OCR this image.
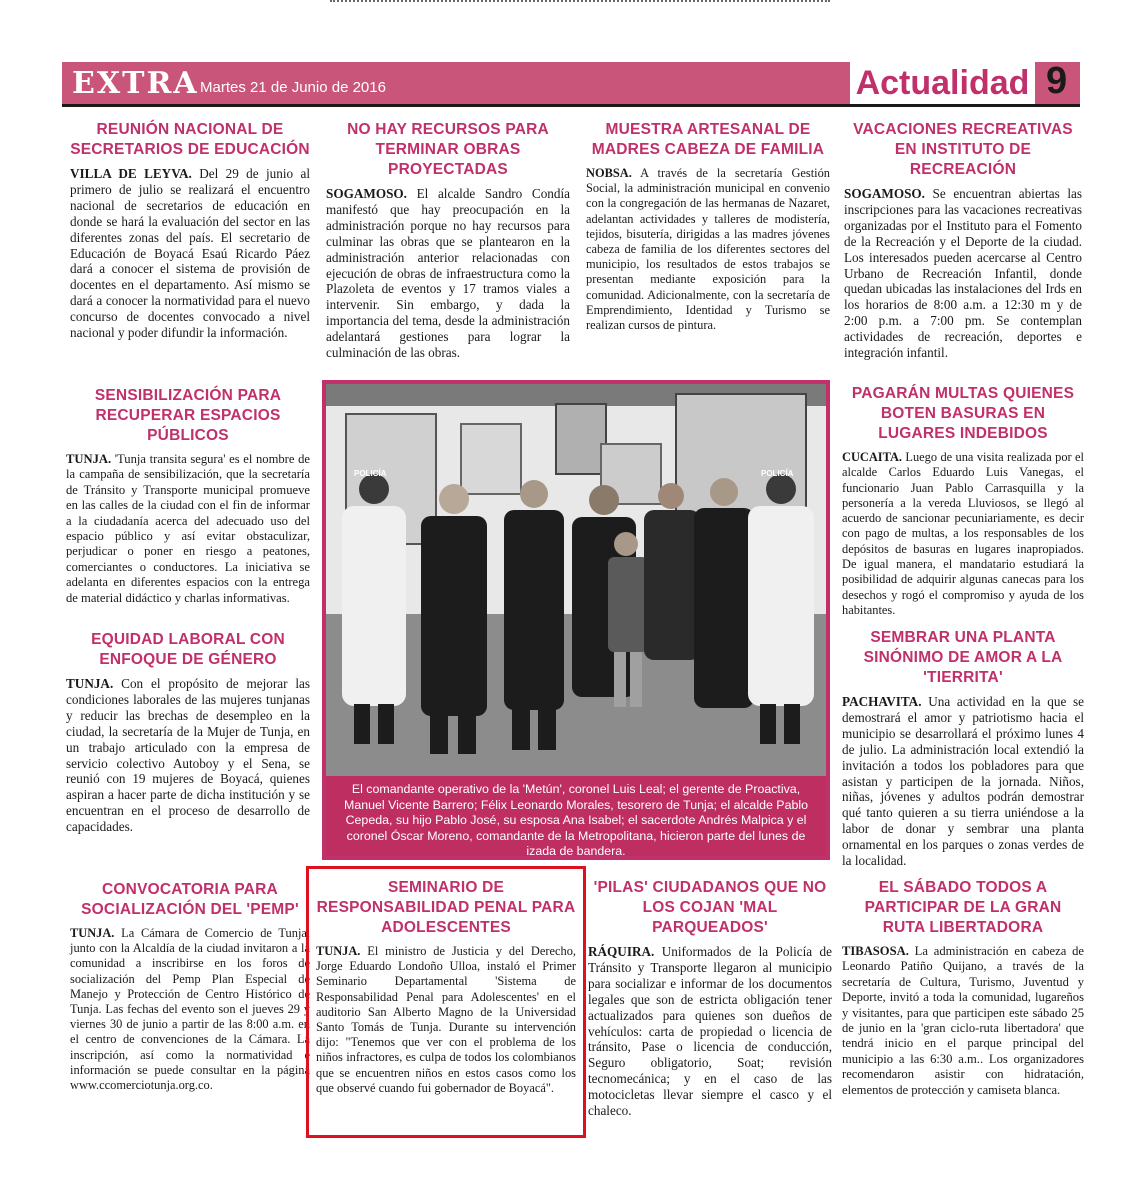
EXTRA Martes 21 de Junio de 2016	Actualidad 9
REUNIÓN NACIONAL DE SECRETARIOS DE EDUCACIÓN
VILLA DE LEYVA. Del 29 de junio al primero de julio se realizará el encuentro nacional de secretarios de educación en donde se hará la evaluación del sector en las diferentes zonas del país. El secretario de Educación de Boyacá Esaú Ricardo Páez dará a conocer el sistema de provisión de docentes en el departamento. Así mismo se dará a conocer la normatividad para el nuevo concurso de docentes convocado a nivel nacional y poder difundir la información.
NO HAY RECURSOS PARA TERMINAR OBRAS PROYECTADAS
SOGAMOSO. El alcalde Sandro Condía manifestó que hay preocupación en la administración porque no hay recursos para culminar las obras que se plantearon en la administración anterior relacionadas con ejecución de obras de infraestructura como la Plazoleta de eventos y 17 tramos viales a intervenir. Sin embargo, y dada la importancia del tema, desde la administración adelantará gestiones para lograr la culminación de las obras.
MUESTRA ARTESANAL DE MADRES CABEZA DE FAMILIA
NOBSA. A través de la secretaría Gestión Social, la administración municipal en convenio con la congregación de las hermanas de Nazaret, adelantan actividades y talleres de modistería, tejidos, bisutería, dirigidas a las madres jóvenes cabeza de familia de los diferentes sectores del municipio, los resultados de estos trabajos se presentan mediante exposición para la comunidad. Adicionalmente, con la secretaría de Emprendimiento, Identidad y Turismo se realizan cursos de pintura.
VACACIONES RECREATIVAS EN INSTITUTO DE RECREACIÓN
SOGAMOSO. Se encuentran abiertas las inscripciones para las vacaciones recreativas organizadas por el Instituto para el Fomento de la Recreación y el Deporte de la ciudad. Los interesados pueden acercarse al Centro Urbano de Recreación Infantil, donde quedan ubicadas las instalaciones del Irds en los horarios de 8:00 a.m. a 12:30 m y de 2:00 p.m. a 7:00 pm. Se contemplan actividades de recreación, deportes e integración infantil.
SENSIBILIZACIÓN PARA RECUPERAR ESPACIOS PÚBLICOS
TUNJA. 'Tunja transita segura' es el nombre de la campaña de sensibilización, que la secretaría de Tránsito y Transporte municipal promueve en las calles de la ciudad con el fin de informar a la ciudadanía acerca del adecuado uso del espacio público y así evitar obstaculizar, perjudicar o poner en riesgo a peatones, comerciantes o conductores. La iniciativa se adelanta en diferentes espacios con la entrega de material didáctico y charlas informativas.
PAGARÁN MULTAS QUIENES BOTEN BASURAS EN LUGARES INDEBIDOS
CUCAITA. Luego de una visita realizada por el alcalde Carlos Eduardo Luis Vanegas, el funcionario Juan Pablo Carrasquilla y la personería a la vereda Lluviosos, se llegó al acuerdo de sancionar pecuniariamente, es decir con pago de multas, a los responsables de los depósitos de basuras en lugares inapropiados. De igual manera, el mandatario estudiará la posibilidad de adquirir algunas canecas para los desechos y rogó el compromiso y ayuda de los habitantes.
EQUIDAD LABORAL CON ENFOQUE DE GÉNERO
TUNJA. Con el propósito de mejorar las condiciones laborales de las mujeres tunjanas y reducir las brechas de desempleo en la ciudad, la secretaría de la Mujer de Tunja, en un trabajo articulado con la empresa de servicio colectivo Autoboy y el Sena, se reunió con 19 mujeres de Boyacá, quienes aspiran a hacer parte de dicha institución y se encuentran en el proceso de desarrollo de capacidades.
SEMBRAR UNA PLANTA SINÓNIMO DE AMOR A LA 'TIERRITA'
PACHAVITA. Una actividad en la que se demostrará el amor y patriotismo hacia el municipio se desarrollará el próximo lunes 4 de julio. La administración local extendió la invitación a todos los pobladores para que asistan y participen de la jornada. Niños, niñas, jóvenes y adultos podrán demostrar qué tanto quieren a su tierra uniéndose a la labor de donar y sembrar una planta ornamental en los parques o zonas verdes de la localidad.
POLICÍA	POLICÍA
El comandante operativo de la 'Metún', coronel Luis Leal; el gerente de Proactiva, Manuel Vicente Barrero; Félix Leonardo Morales, tesorero de Tunja; el alcalde Pablo Cepeda, su hijo Pablo José, su esposa Ana Isabel; el sacerdote Andrés Malpica y el coronel Óscar Moreno, comandante de la Metropolitana, hicieron parte del lunes de izada de bandera.
CONVOCATORIA PARA SOCIALIZACIÓN DEL 'PEMP'
TUNJA. La Cámara de Comercio de Tunja, junto con la Alcaldía de la ciudad invitaron a la comunidad a inscribirse en los foros de socialización del Pemp Plan Especial de Manejo y Protección de Centro Histórico de Tunja. Las fechas del evento son el jueves 29 y viernes 30 de junio a partir de las 8:00 a.m. en el centro de convenciones de la Cámara. La inscripción, así como la normatividad e información se puede consultar en la página www.ccomerciotunja.org.co.
SEMINARIO DE RESPONSABILIDAD PENAL PARA ADOLESCENTES
TUNJA. El ministro de Justicia y del Derecho, Jorge Eduardo Londoño Ulloa, instaló el Primer Seminario Departamental 'Sistema de Responsabilidad Penal para Adolescentes' en el auditorio San Alberto Magno de la Universidad Santo Tomás de Tunja. Durante su intervención dijo: "Tenemos que ver con el problema de los niños infractores, es culpa de todos los colombianos que se encuentren niños en estos casos como los que observé cuando fui gobernador de Boyacá".
'PILAS' CIUDADANOS QUE NO LOS COJAN 'MAL PARQUEADOS'
RÁQUIRA. Uniformados de la Policía de Tránsito y Transporte llegaron al municipio para socializar e informar de los documentos legales que son de estricta obligación tener actualizados para quienes son dueños de vehículos: carta de propiedad o licencia de tránsito, Pase o licencia de conducción, Seguro obligatorio, Soat; revisión tecnomecánica; y en el caso de las motocicletas llevar siempre el casco y el chaleco.
EL SÁBADO TODOS A PARTICIPAR DE LA GRAN RUTA LIBERTADORA
TIBASOSA. La administración en cabeza de Leonardo Patiño Quijano, a través de la secretaría de Cultura, Turismo, Juventud y Deporte, invitó a toda la comunidad, lugareños y visitantes, para que participen este sábado 25 de junio en la 'gran ciclo-ruta libertadora' que tendrá inicio en el parque principal del municipio a las 6:30 a.m.. Los organizadores recomendaron asistir con hidratación, elementos de protección y camiseta blanca.
